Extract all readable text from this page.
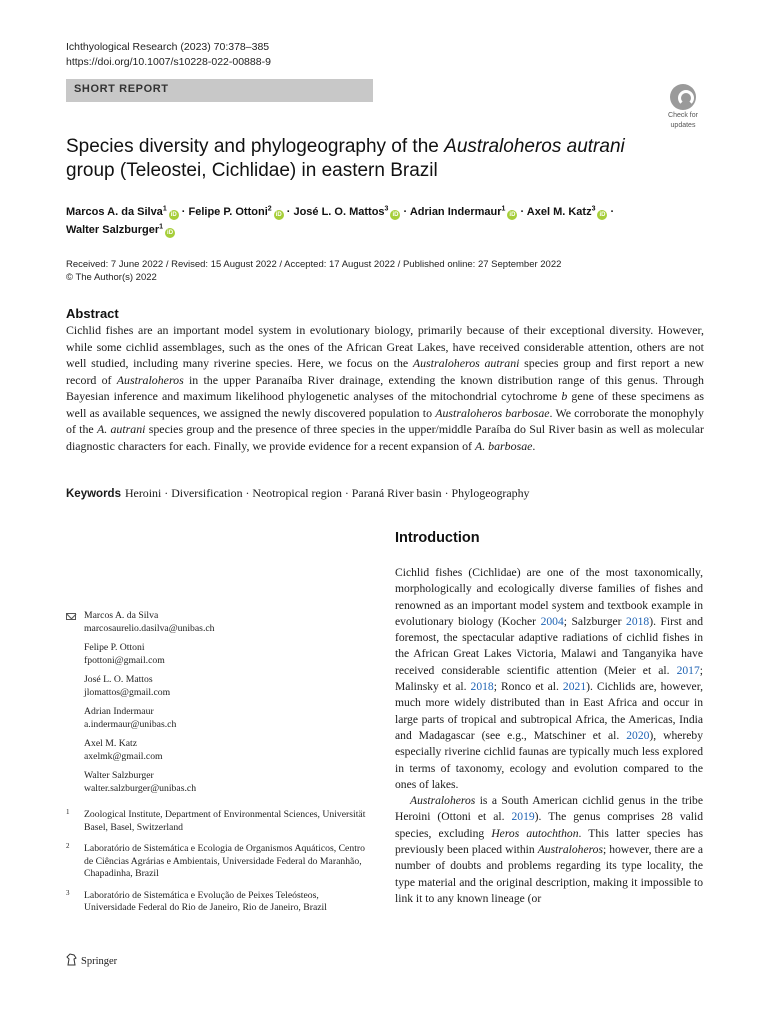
Ichthyological Research (2023) 70:378–385
https://doi.org/10.1007/s10228-022-00888-9
SHORT REPORT
Check for
updates
Species diversity and phylogeography of the Australoheros autrani group (Teleostei, Cichlidae) in eastern Brazil
Marcos A. da Silva$^1$iD · Felipe P. Ottoni$^2$iD · José L. O. Mattos$^3$iD · Adrian Indermaur$^1$iD · Axel M. Katz$^3$iD ·
Walter Salzburger$^1$iD
Received: 7 June 2022 / Revised: 15 August 2022 / Accepted: 17 August 2022 / Published online: 27 September 2022
© The Author(s) 2022
Abstract
Cichlid fishes are an important model system in evolutionary biology, primarily because of their exceptional diversity. However, while some cichlid assemblages, such as the ones of the African Great Lakes, have received considerable attention, others are not well studied, including many riverine species. Here, we focus on the Australoheros autrani species group and first report a new record of Australoheros in the upper Paranaíba River drainage, extending the known distribution range of this genus. Through Bayesian inference and maximum likelihood phylogenetic analyses of the mitochondrial cytochrome b gene of these specimens as well as available sequences, we assigned the newly discovered population to Australoheros barbosae. We corroborate the monophyly of the A. autrani species group and the presence of three species in the upper/middle Paraíba do Sul River basin as well as molecular diagnostic characters for each. Finally, we provide evidence for a recent expansion of A. barbosae.
Keywords Heroini · Diversification · Neotropical region · Paraná River basin · Phylogeography
Introduction

Cichlid fishes (Cichlidae) are one of the most taxonomically, morphologically and ecologically diverse families of fishes and renowned as an important model system and textbook example in evolutionary biology (Kocher 2004; Salzburger 2018). First and foremost, the spectacular adaptive radiations of cichlid fishes in the African Great Lakes Victoria, Malawi and Tanganyika have received considerable scientific attention (Meier et al. 2017; Malinsky et al. 2018; Ronco et al. 2021). Cichlids are, however, much more widely distributed than in East Africa and occur in large parts of tropical and subtropical Africa, the Americas, India and Madagascar (see e.g., Matschiner et al. 2020), whereby especially riverine cichlid faunas are typically much less explored in terms of taxonomy, ecology and evolution compared to the ones of lakes.

Australoheros is a South American cichlid genus in the tribe Heroini (Ottoni et al. 2019). The genus comprises 28 valid species, excluding Heros autochthon. This latter species has previously been placed within Australoheros; however, there are a number of doubts and problems regarding its type locality, the type material and the original description, making it impossible to link it to any known lineage (or

Marcos A. da Silva
marcosaurelio.dasilva@unibas.ch
Felipe P. Ottoni
fpottoni@gmail.com
José L. O. Mattos
jlomattos@gmail.com
Adrian Indermaur
a.indermaur@unibas.ch
Axel M. Katz
axelmk@gmail.com
Walter Salzburger
walter.salzburger@unibas.ch
1 Zoological Institute, Department of Environmental Sciences, Universität Basel, Basel, Switzerland
2 Laboratório de Sistemática e Ecologia de Organismos Aquáticos, Centro de Ciências Agrárias e Ambientais, Universidade Federal do Maranhão, Chapadinha, Brazil
3 Laboratório de Sistemática e Evolução de Peixes Teleósteos, Universidade Federal do Rio de Janeiro, Rio de Janeiro, Brazil
Springer
